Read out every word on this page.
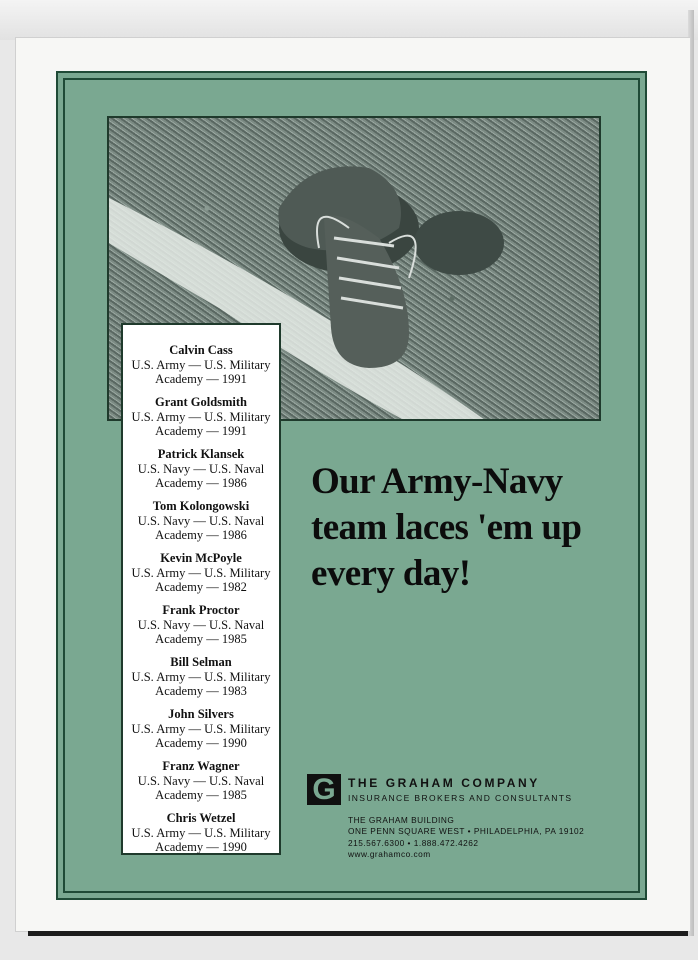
Calvin Cass
U.S. Army — U.S. Military
Academy — 1991
Grant Goldsmith
U.S. Army — U.S. Military
Academy — 1991
Patrick Klansek
U.S. Navy — U.S. Naval
Academy — 1986
Tom Kolongowski
U.S. Navy — U.S. Naval
Academy — 1986
Kevin McPoyle
U.S. Army — U.S. Military
Academy — 1982
Frank Proctor
U.S. Navy — U.S. Naval
Academy — 1985
Bill Selman
U.S. Army — U.S. Military
Academy — 1983
John Silvers
U.S. Army — U.S. Military
Academy — 1990
Franz Wagner
U.S. Navy — U.S. Naval
Academy — 1985
Chris Wetzel
U.S. Army — U.S. Military
Academy — 1990
Our Army-Navy
team laces 'em up
every day!
G	THE GRAHAM COMPANY
INSURANCE BROKERS AND CONSULTANTS
THE GRAHAM BUILDING
ONE PENN SQUARE WEST • PHILADELPHIA, PA 19102
215.567.6300 • 1.888.472.4262
www.grahamco.com
